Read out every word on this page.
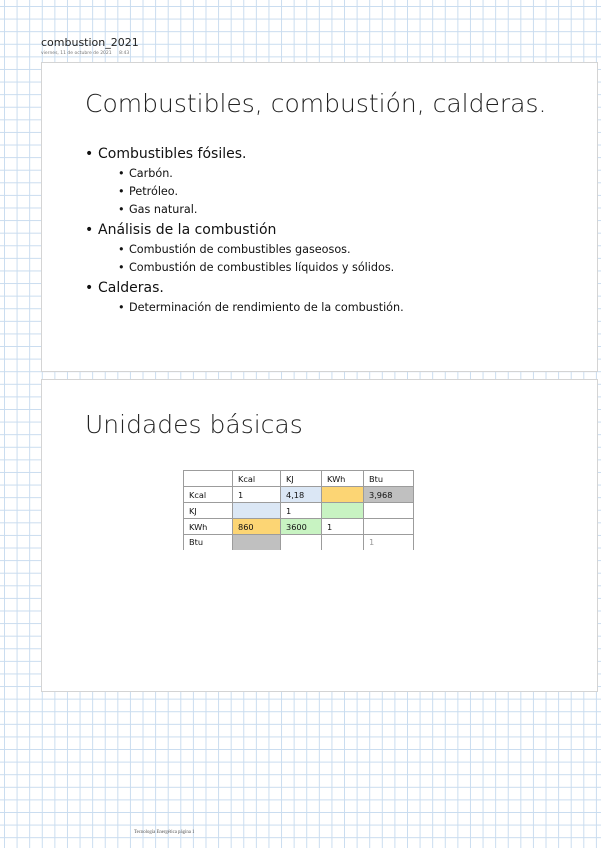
combustion_2021
viernes, 11 de octubre de 2021 8:43
Combustibles, combustión, calderas.
• Combustibles fósiles.
• Carbón.
• Petróleo.
• Gas natural.
• Análisis de la combustión
• Combustión de combustibles gaseosos.
• Combustión de combustibles líquidos y sólidos.
• Calderas.
• Determinación de rendimiento de la combustión.
Unidades básicas
	Kcal	KJ	KWh	Btu
Kcal	1	4,18		3,968
KJ		1		
KWh	860	3600	1	
Btu				1
Tecnología Energética página 1
